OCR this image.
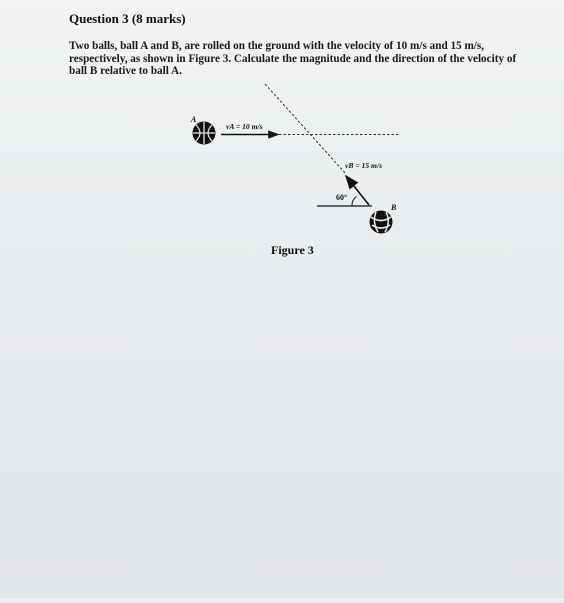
Question 3 (8 marks)

Two balls, ball A and B, are rolled on the ground with the velocity of 10 m/s and 15 m/s,

respectively, as shown in Figure 3. Calculate the magnitude and the direction of the velocity of

ball B relative to ball A.

A
vA = 10 m/s
vB = 15 m/s
60°
B

Figure 3
